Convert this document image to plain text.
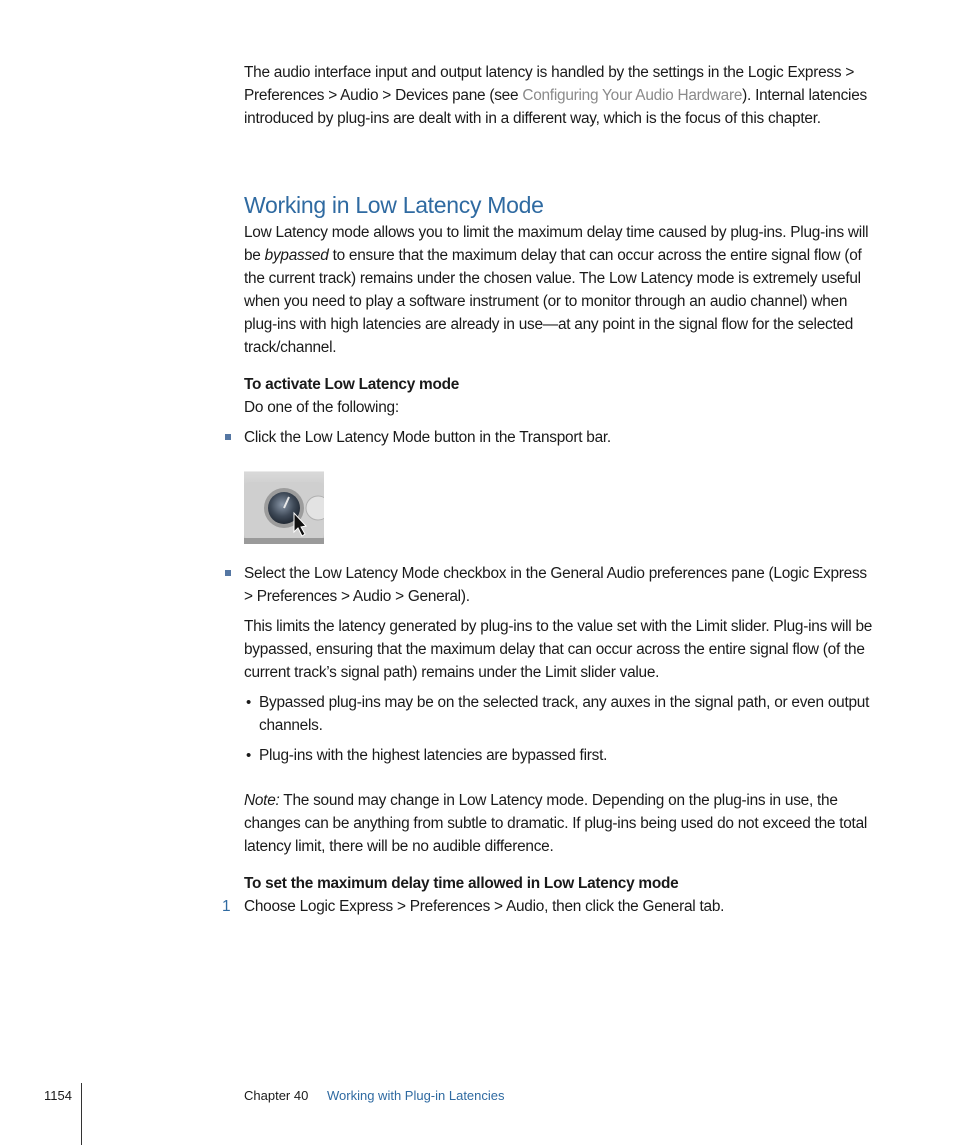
The audio interface input and output latency is handled by the settings in the Logic Express > Preferences > Audio > Devices pane (see Configuring Your Audio Hardware). Internal latencies introduced by plug-ins are dealt with in a different way, which is the focus of this chapter.

Working in Low Latency Mode

Low Latency mode allows you to limit the maximum delay time caused by plug-ins. Plug-ins will be bypassed to ensure that the maximum delay that can occur across the entire signal flow (of the current track) remains under the chosen value. The Low Latency mode is extremely useful when you need to play a software instrument (or to monitor through an audio channel) when plug-ins with high latencies are already in use—at any point in the signal flow for the selected track/channel.

To activate Low Latency mode

Do one of the following:

Click the Low Latency Mode button in the Transport bar.

Select the Low Latency Mode checkbox in the General Audio preferences pane (Logic Express > Preferences > Audio > General).

This limits the latency generated by plug-ins to the value set with the Limit slider. Plug-ins will be bypassed, ensuring that the maximum delay that can occur across the entire signal flow (of the current track’s signal path) remains under the Limit slider value.

• Bypassed plug-ins may be on the selected track, any auxes in the signal path, or even output channels.

• Plug-ins with the highest latencies are bypassed first.

Note: The sound may change in Low Latency mode. Depending on the plug-ins in use, the changes can be anything from subtle to dramatic. If plug-ins being used do not exceed the total latency limit, there will be no audible difference.

To set the maximum delay time allowed in Low Latency mode

1 Choose Logic Express > Preferences > Audio, then click the General tab.

1154	Chapter 40 Working with Plug-in Latencies
